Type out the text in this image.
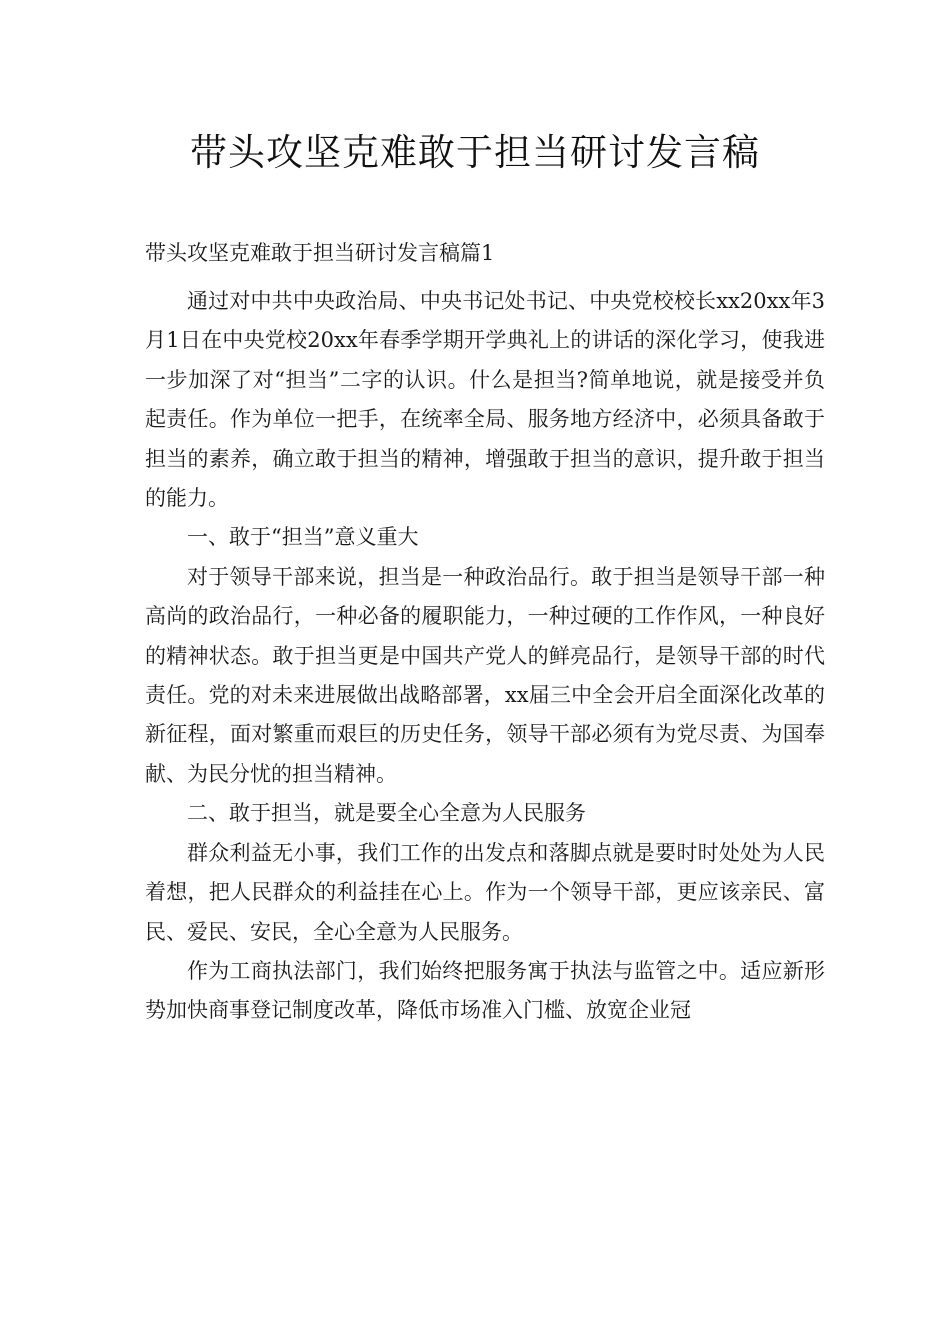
带头攻坚克难敢于担当研讨发言稿
带头攻坚克难敢于担当研讨发言稿篇1

通过对中共中央政治局、中央书记处书记、中央党校校长xx20xx年3月1日在中央党校20xx年春季学期开学典礼上的讲话的深化学习，使我进一步加深了对“担当”二字的认识。什么是担当?简单地说，就是接受并负起责任。作为单位一把手，在统率全局、服务地方经济中，必须具备敢于担当的素养，确立敢于担当的精神，增强敢于担当的意识，提升敢于担当的能力。

一、敢于“担当”意义重大

对于领导干部来说，担当是一种政治品行。敢于担当是领导干部一种高尚的政治品行，一种必备的履职能力，一种过硬的工作作风，一种良好的精神状态。敢于担当更是中国共产党人的鲜亮品行，是领导干部的时代责任。党的对未来进展做出战略部署，xx届三中全会开启全面深化改革的新征程，面对繁重而艰巨的历史任务，领导干部必须有为党尽责、为国奉献、为民分忧的担当精神。

二、敢于担当，就是要全心全意为人民服务

群众利益无小事，我们工作的出发点和落脚点就是要时时处处为人民着想，把人民群众的利益挂在心上。作为一个领导干部，更应该亲民、富民、爱民、安民，全心全意为人民服务。

作为工商执法部门，我们始终把服务寓于执法与监管之中。适应新形势加快商事登记制度改革，降低市场准入门槛、放宽企业冠
